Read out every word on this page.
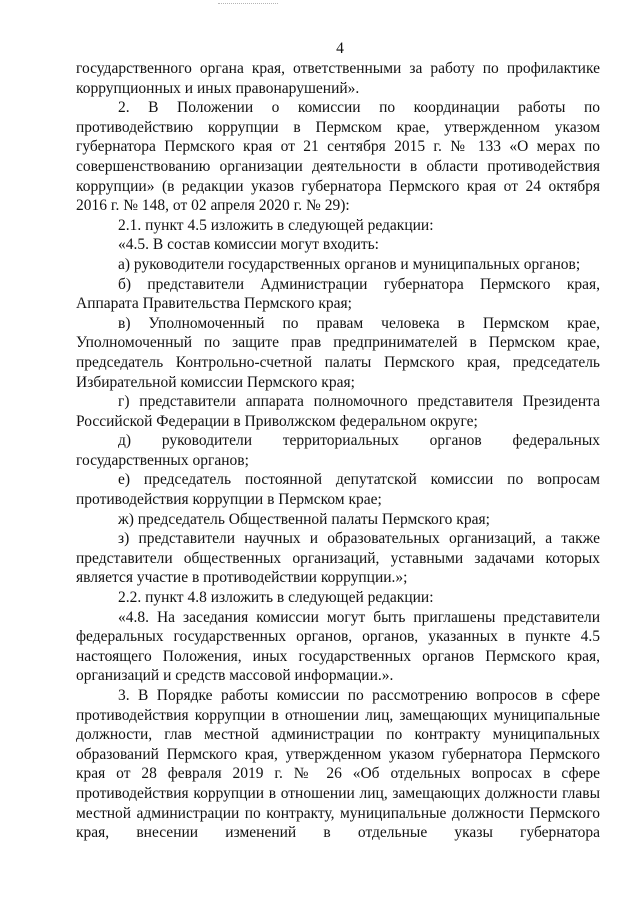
4

государственного органа края, ответственными за работу по профилактике коррупционных и иных правонарушений».

2. В Положении о комиссии по координации работы по противодействию коррупции в Пермском крае, утвержденном указом губернатора Пермского края от 21 сентября 2015 г. № 133 «О мерах по совершенствованию организации деятельности в области противодействия коррупции» (в редакции указов губернатора Пермского края от 24 октября 2016 г. № 148, от 02 апреля 2020 г. № 29):

2.1. пункт 4.5 изложить в следующей редакции:

«4.5. В состав комиссии могут входить:

а) руководители государственных органов и муниципальных органов;

б) представители Администрации губернатора Пермского края, Аппарата Правительства Пермского края;

в) Уполномоченный по правам человека в Пермском крае, Уполномоченный по защите прав предпринимателей в Пермском крае, председатель Контрольно-счетной палаты Пермского края, председатель Избирательной комиссии Пермского края;

г) представители аппарата полномочного представителя Президента Российской Федерации в Приволжском федеральном округе;

д) руководители территориальных органов федеральных государственных органов;

е) председатель постоянной депутатской комиссии по вопросам противодействия коррупции в Пермском крае;

ж) председатель Общественной палаты Пермского края;

з) представители научных и образовательных организаций, а также представители общественных организаций, уставными задачами которых является участие в противодействии коррупции.»;

2.2. пункт 4.8 изложить в следующей редакции:

«4.8. На заседания комиссии могут быть приглашены представители федеральных государственных органов, органов, указанных в пункте 4.5 настоящего Положения, иных государственных органов Пермского края, организаций и средств массовой информации.».

3. В Порядке работы комиссии по рассмотрению вопросов в сфере противодействия коррупции в отношении лиц, замещающих муниципальные должности, глав местной администрации по контракту муниципальных образований Пермского края, утвержденном указом губернатора Пермского края от 28 февраля 2019 г. № 26 «Об отдельных вопросах в сфере противодействия коррупции в отношении лиц, замещающих должности главы местной администрации по контракту, муниципальные должности Пермского края, внесении изменений в отдельные указы губернатора
